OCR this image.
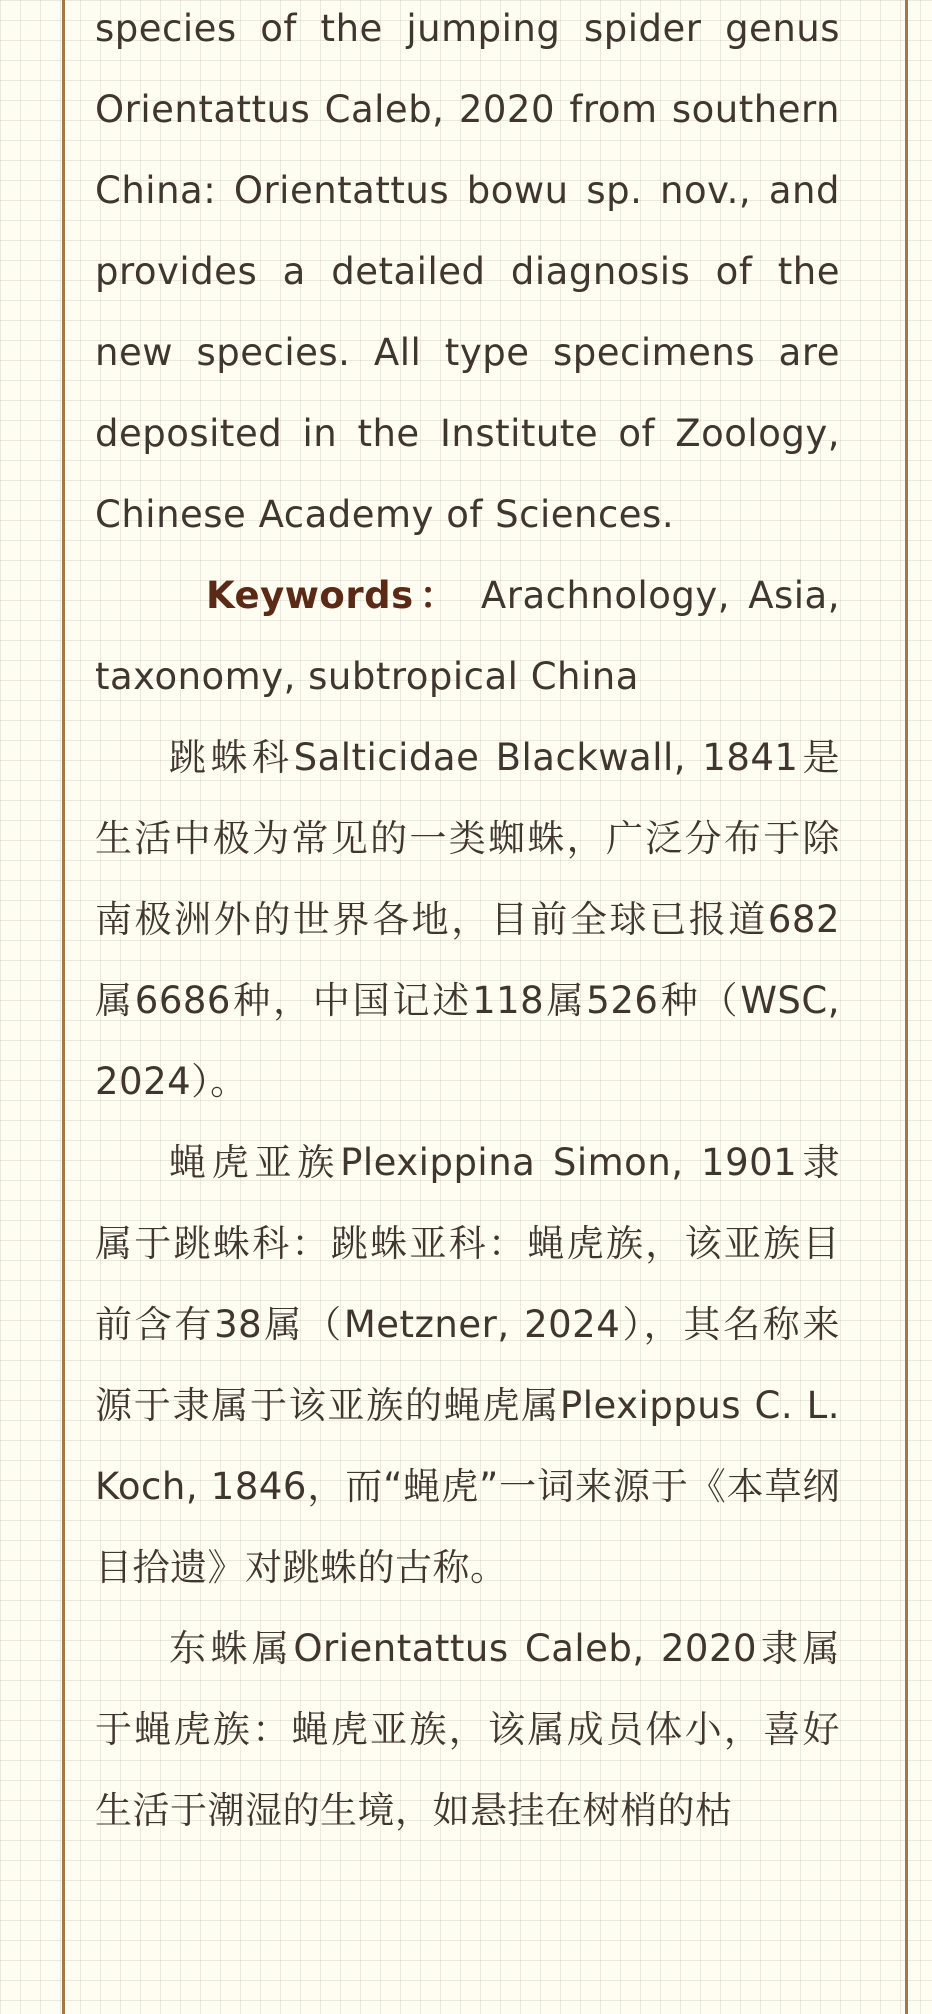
species of the jumping spider genus Orientattus Caleb, 2020 from southern China: Orientattus bowu sp. nov., and provides a detailed diagnosis of the new species. All type specimens are deposited in the Institute of Zoology, Chinese Academy of Sciences.

Keywords： Arachnology, Asia, taxonomy, subtropical China

跳蛛科Salticidae Blackwall, 1841是生活中极为常见的一类蜘蛛，广泛分布于除南极洲外的世界各地，目前全球已报道682属6686种，中国记述118属526种（WSC, 2024）。

蝇虎亚族Plexippina Simon, 1901隶属于跳蛛科：跳蛛亚科：蝇虎族，该亚族目前含有38属（Metzner, 2024），其名称来源于隶属于该亚族的蝇虎属Plexippus C. L. Koch, 1846，而“蝇虎”一词来源于《本草纲目拾遗》对跳蛛的古称。

东蛛属Orientattus Caleb, 2020隶属于蝇虎族：蝇虎亚族，该属成员体小，喜好生活于潮湿的生境，如悬挂在树梢的枯
